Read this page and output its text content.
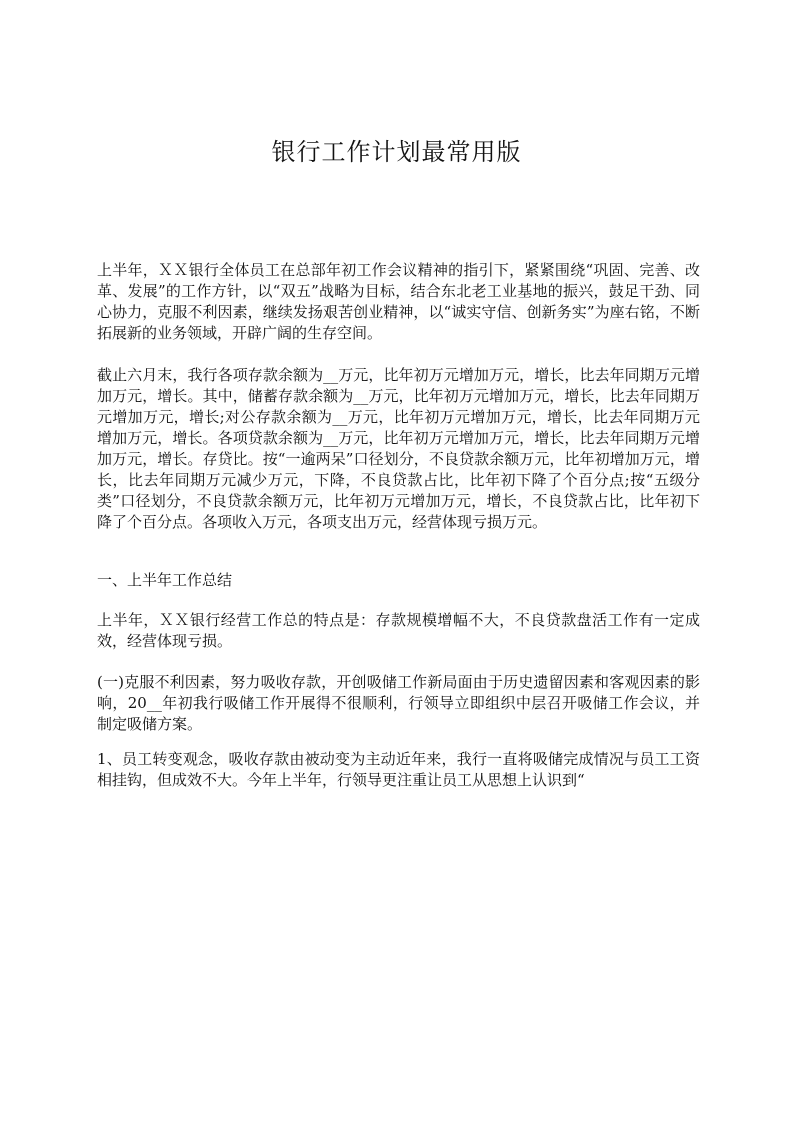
银行工作计划最常用版

上半年，ＸＸ银行全体员工在总部年初工作会议精神的指引下，紧紧围绕“巩固、完善、改革、发展”的工作方针，以“双五”战略为目标，结合东北老工业基地的振兴，鼓足干劲、同心协力，克服不利因素，继续发扬艰苦创业精神，以“诚实守信、创新务实”为座右铭，不断拓展新的业务领域，开辟广阔的生存空间。

截止六月末，我行各项存款余额为__万元，比年初万元增加万元，增长，比去年同期万元增加万元，增长。其中，储蓄存款余额为__万元，比年初万元增加万元，增长，比去年同期万元增加万元，增长;对公存款余额为__万元，比年初万元增加万元，增长，比去年同期万元增加万元，增长。各项贷款余额为__万元，比年初万元增加万元，增长，比去年同期万元增加万元，增长。存贷比。按“一逾两呆”口径划分，不良贷款余额万元，比年初增加万元，增长，比去年同期万元减少万元，下降，不良贷款占比，比年初下降了个百分点;按“五级分类”口径划分，不良贷款余额万元，比年初万元增加万元，增长，不良贷款占比，比年初下降了个百分点。各项收入万元，各项支出万元，经营体现亏损万元。

一、上半年工作总结

上半年，ＸＸ银行经营工作总的特点是：存款规模增幅不大，不良贷款盘活工作有一定成效，经营体现亏损。

(一)克服不利因素，努力吸收存款，开创吸储工作新局面由于历史遗留因素和客观因素的影响，20__年初我行吸储工作开展得不很顺利，行领导立即组织中层召开吸储工作会议，并制定吸储方案。

1、员工转变观念，吸收存款由被动变为主动近年来，我行一直将吸储完成情况与员工工资相挂钩，但成效不大。今年上半年，行领导更注重让员工从思想上认识到“
